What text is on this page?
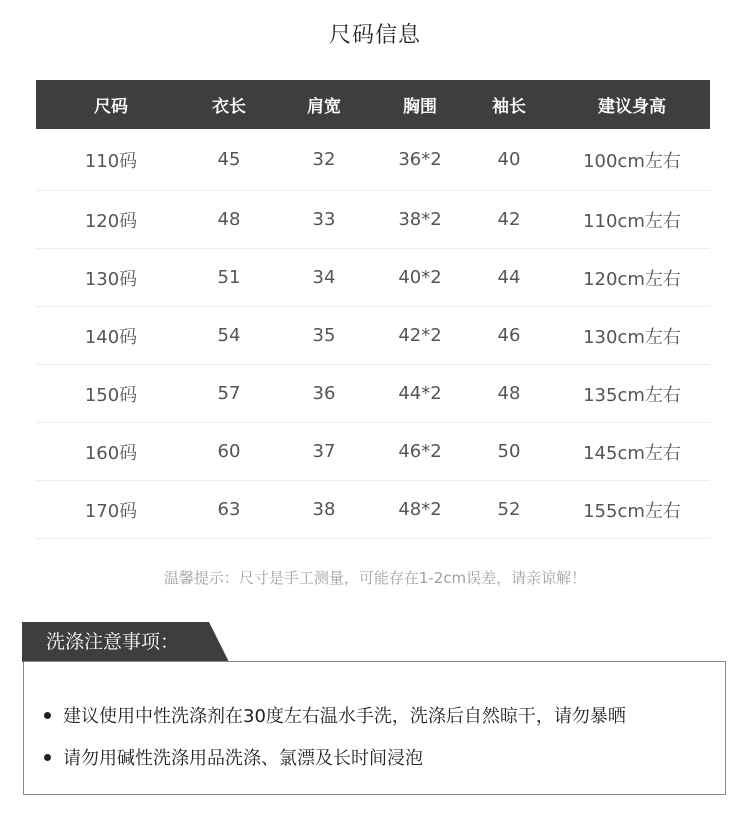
尺码信息
尺码	衣长	肩宽	胸围	袖长	建议身高
110码	45	32	36*2	40	100cm左右
120码	48	33	38*2	42	110cm左右
130码	51	34	40*2	44	120cm左右
140码	54	35	42*2	46	130cm左右
150码	57	36	44*2	48	135cm左右
160码	60	37	46*2	50	145cm左右
170码	63	38	48*2	52	155cm左右
温馨提示：尺寸是手工测量，可能存在1-2cm误差，请亲谅解！
洗涤注意事项：
建议使用中性洗涤剂在30度左右温水手洗，洗涤后自然晾干，请勿暴晒
请勿用碱性洗涤用品洗涤、氯漂及长时间浸泡
